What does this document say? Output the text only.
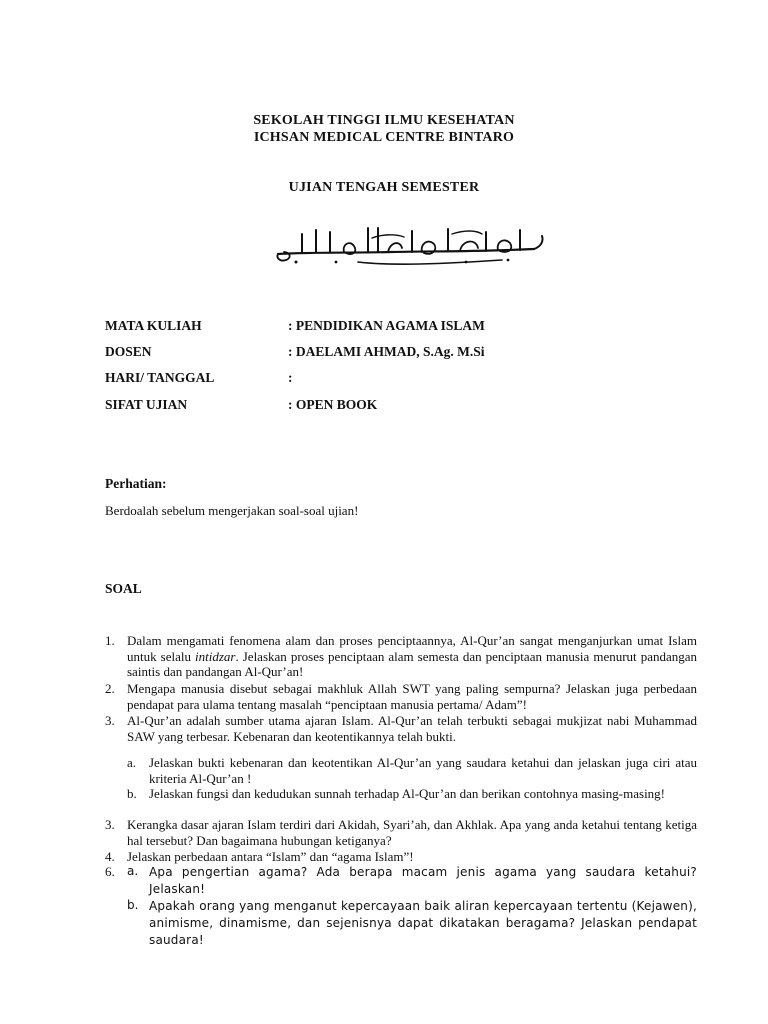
SEKOLAH TINGGI ILMU KESEHATAN
ICHSAN MEDICAL CENTRE BINTARO
UJIAN TENGAH SEMESTER
MATA KULIAH	: PENDIDIKAN AGAMA ISLAM
DOSEN	: DAELAMI AHMAD, S.Ag. M.Si
HARI/ TANGGAL	:
SIFAT UJIAN	: OPEN BOOK
Perhatian:
Berdoalah sebelum mengerjakan soal-soal ujian!
SOAL
1. Dalam mengamati fenomena alam dan proses penciptaannya, Al-Qur’an sangat menganjurkan umat Islam untuk selalu intidzar. Jelaskan proses penciptaan alam semesta dan penciptaan manusia menurut pandangan saintis dan pandangan Al-Qur’an!
2. Mengapa manusia disebut sebagai makhluk Allah SWT yang paling sempurna? Jelaskan juga perbedaan pendapat para ulama tentang masalah “penciptaan manusia pertama/ Adam”!
3. Al-Qur’an adalah sumber utama ajaran Islam. Al-Qur’an telah terbukti sebagai mukjizat nabi Muhammad SAW yang terbesar. Kebenaran dan keotentikannya telah bukti.
a. Jelaskan bukti kebenaran dan keotentikan Al-Qur’an yang saudara ketahui dan jelaskan juga ciri atau kriteria Al-Qur’an !
b. Jelaskan fungsi dan kedudukan sunnah terhadap Al-Qur’an dan berikan contohnya masing-masing!
3. Kerangka dasar ajaran Islam terdiri dari Akidah, Syari’ah, dan Akhlak. Apa yang anda ketahui tentang ketiga hal tersebut? Dan bagaimana hubungan ketiganya?
4. Jelaskan perbedaan antara “Islam” dan “agama Islam”!
6. a. Apa pengertian agama? Ada berapa macam jenis agama yang saudara ketahui? Jelaskan!
b. Apakah orang yang menganut kepercayaan baik aliran kepercayaan tertentu (Kejawen), animisme, dinamisme, dan sejenisnya dapat dikatakan beragama? Jelaskan pendapat saudara!
